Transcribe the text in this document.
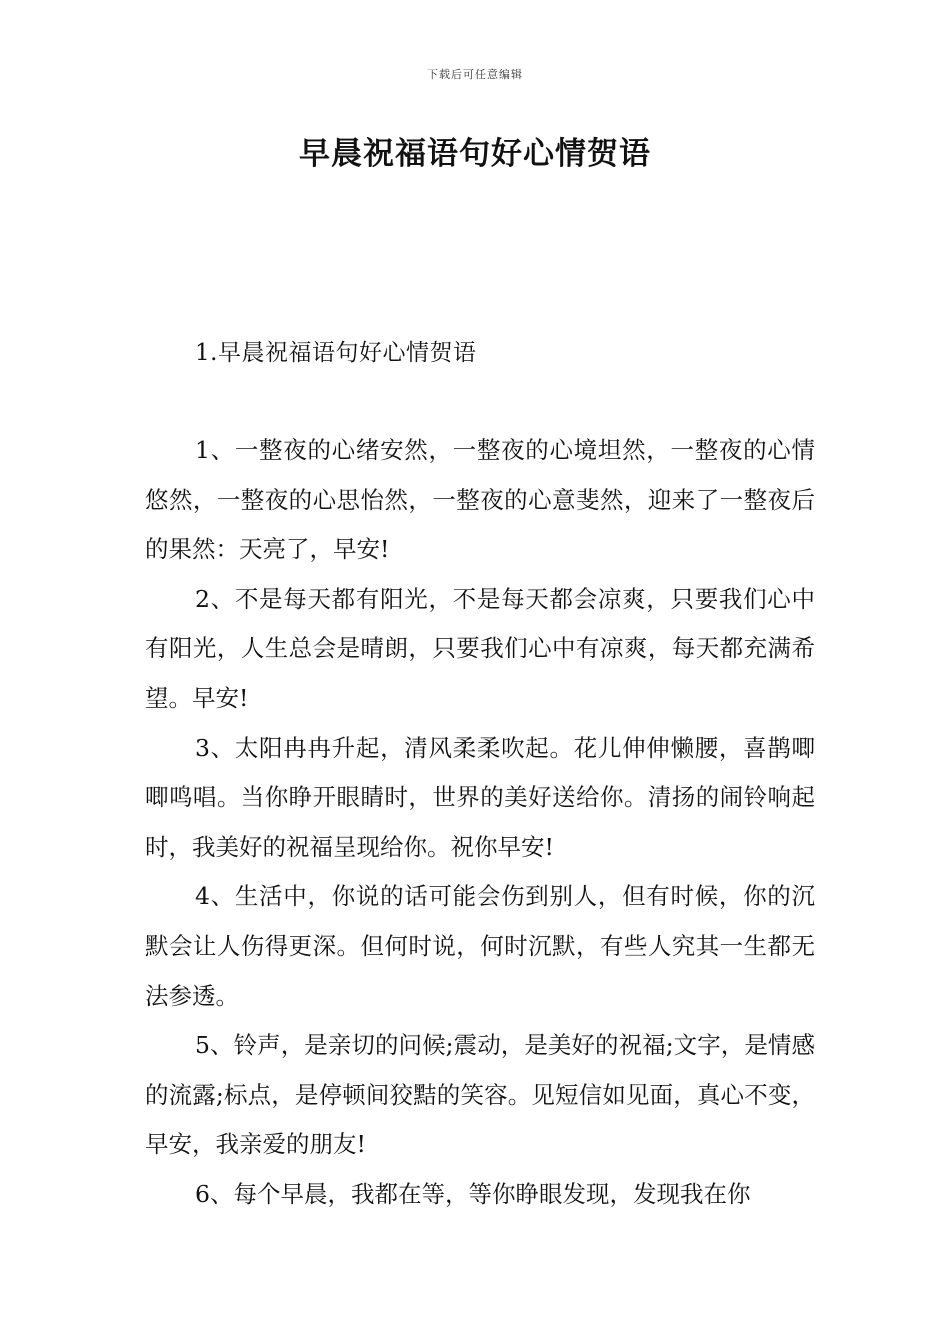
下载后可任意编辑
早晨祝福语句好心情贺语
1.早晨祝福语句好心情贺语

1、一整夜的心绪安然，一整夜的心境坦然，一整夜的心情悠然，一整夜的心思怡然，一整夜的心意斐然，迎来了一整夜后的果然：天亮了，早安!

2、不是每天都有阳光，不是每天都会凉爽，只要我们心中有阳光，人生总会是晴朗，只要我们心中有凉爽，每天都充满希望。早安!

3、太阳冉冉升起，清风柔柔吹起。花儿伸伸懒腰，喜鹊唧唧鸣唱。当你睁开眼睛时，世界的美好送给你。清扬的闹铃响起时，我美好的祝福呈现给你。祝你早安!

4、生活中，你说的话可能会伤到别人，但有时候，你的沉默会让人伤得更深。但何时说，何时沉默，有些人究其一生都无法参透。

5、铃声，是亲切的问候;震动，是美好的祝福;文字，是情感的流露;标点，是停顿间狡黠的笑容。见短信如见面，真心不变，早安，我亲爱的朋友!

6、每个早晨，我都在等，等你睁眼发现，发现我在你
